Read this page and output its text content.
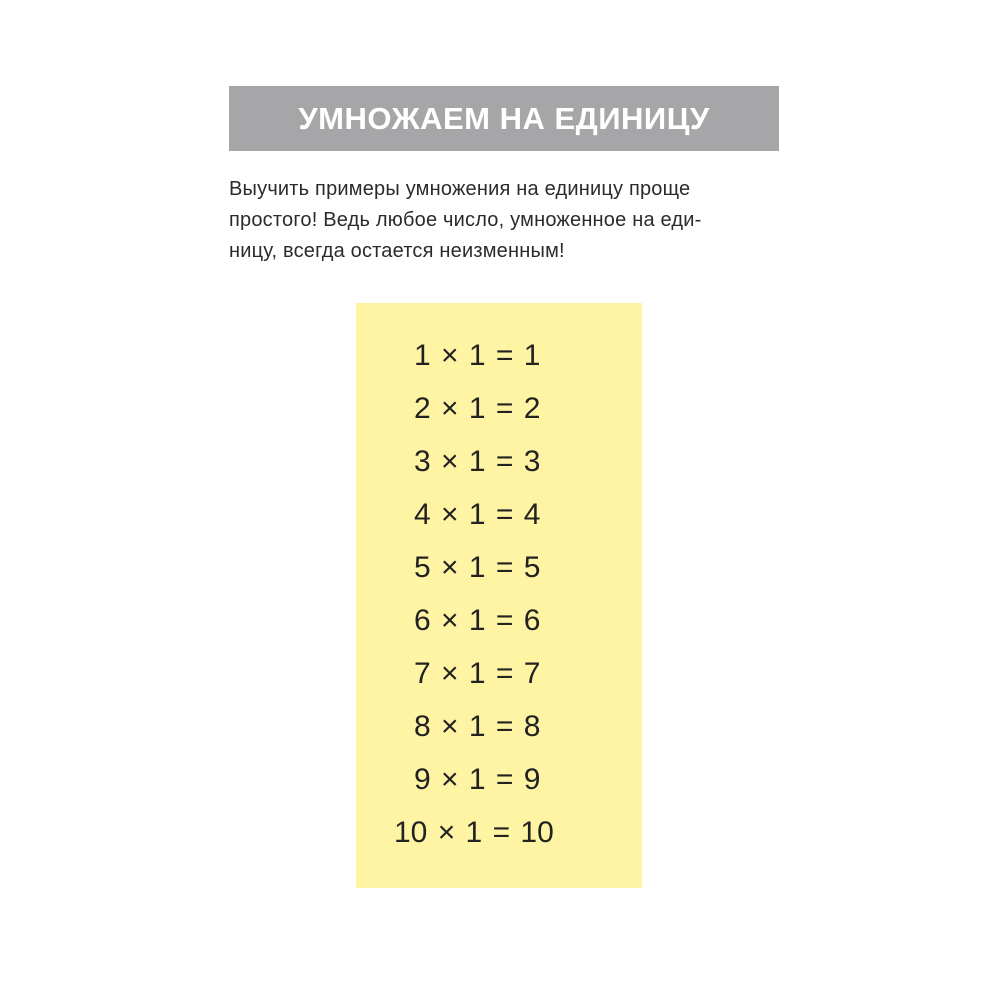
УМНОЖАЕМ НА ЕДИНИЦУ

Выучить примеры умножения на единицу проще
простого! Ведь любое число, умноженное на еди-
ницу, всегда остается неизменным!

1 × 1 = 1
2 × 1 = 2
3 × 1 = 3
4 × 1 = 4
5 × 1 = 5
6 × 1 = 6
7 × 1 = 7
8 × 1 = 8
9 × 1 = 9
10 × 1 = 10
